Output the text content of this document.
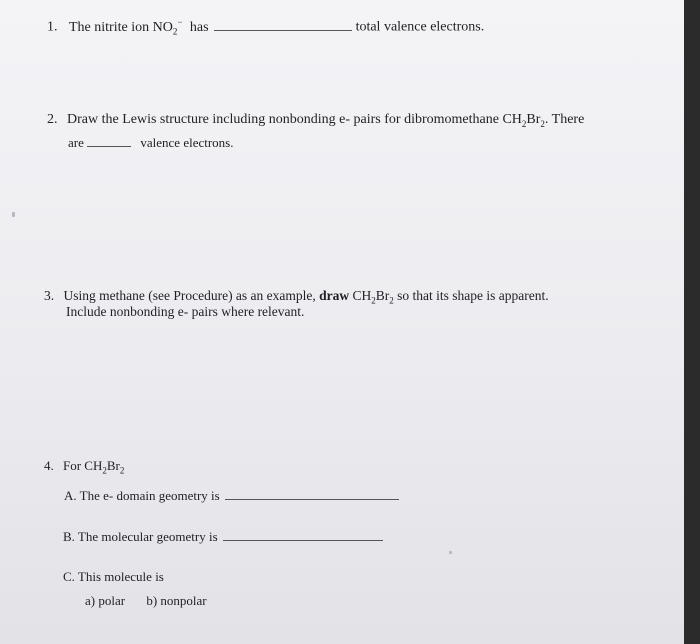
1. The nitrite ion $NO_2^-$ has	total valence electrons.
2. Draw the Lewis structure including nonbonding e- pairs for dibromomethane $CH_2Br_2$. There
are	valence electrons.
3. Using methane (see Procedure) as an example, draw $CH_2Br_2$ so that its shape is apparent.
Include nonbonding e- pairs where relevant.
4. For $CH_2Br_2$
A. The e- domain geometry is
B. The molecular geometry is
C. This molecule is
a) polar b) nonpolar
